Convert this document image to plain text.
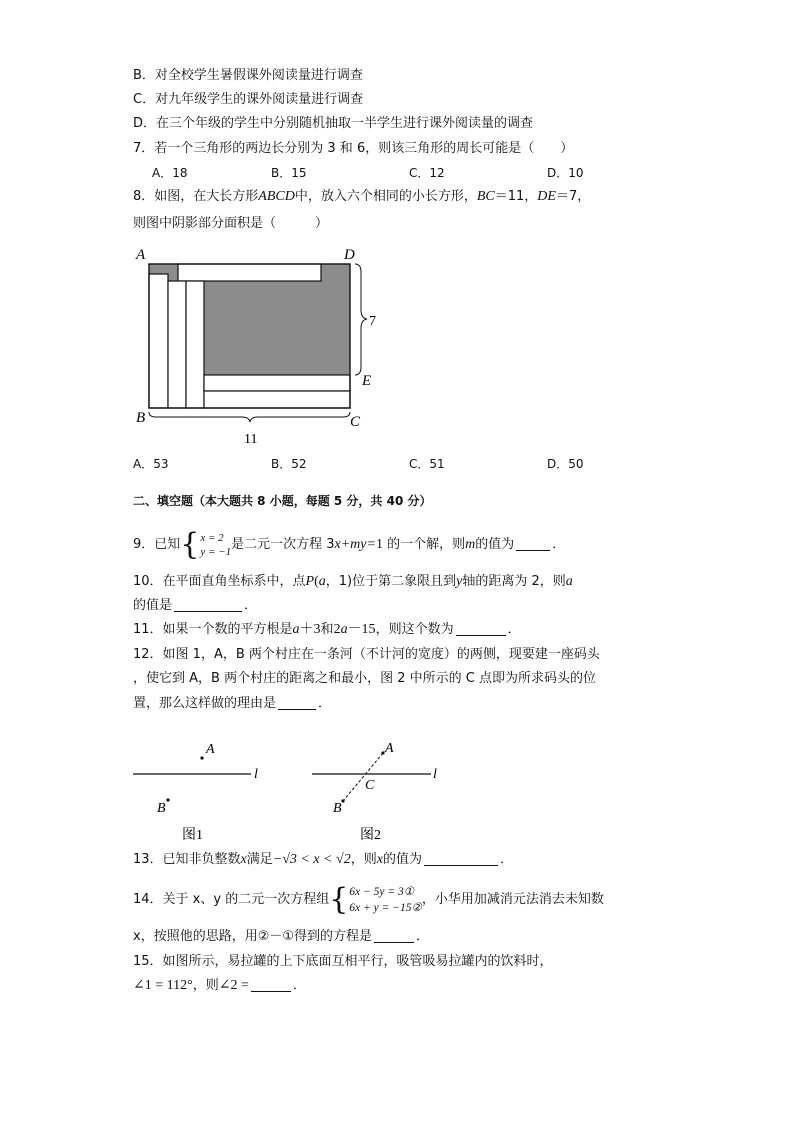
B．对全校学生暑假课外阅读量进行调查
C．对九年级学生的课外阅读量进行调查
D．在三个年级的学生中分别随机抽取一半学生进行课外阅读量的调查
7．若一个三角形的两边长分别为 3 和 6，则该三角形的周长可能是（　　）
A．18	B．15	C．12	D．10
8．如图，在大长方形ABCD中，放入六个相同的小长方形，BC＝11，DE＝7，
则图中阴影部分面积是（　　　）
A	D
B	C
E
7
11
A．53	B．52	C．51	D．50
二、填空题（本大题共 8 小题，每题 5 分，共 40 分）
9．已知{ x = 2
y = −1 是二元一次方程 3x+my=1 的一个解，则m的值为	．
10．在平面直角坐标系中，点P(a，1)位于第二象限且到y轴的距离为 2，则a
的值是	．
11．如果一个数的平方根是a＋3和2a－15，则这个数为	．
12．如图 1，A，B 两个村庄在一条河（不计河的宽度）的两侧，现要建一座码头
，使它到 A，B 两个村庄的距离之和最小，图 2 中所示的 C 点即为所求码头的位
置，那么这样做的理由是	．
A
B
l
图1
A
C
B
l
图2
13．已知非负整数x满足−√3 < x < √2，则x的值为	．
14．关于 x、y 的二元一次方程组{ 6x − 5y = 3①
6x + y = −15②
，小华用加减消元法消去未知数
x，按照他的思路，用②－①得到的方程是	．
15．如图所示，易拉罐的上下底面互相平行，吸管吸易拉罐内的饮料时，
∠1 = 112°，则∠2 =	．
